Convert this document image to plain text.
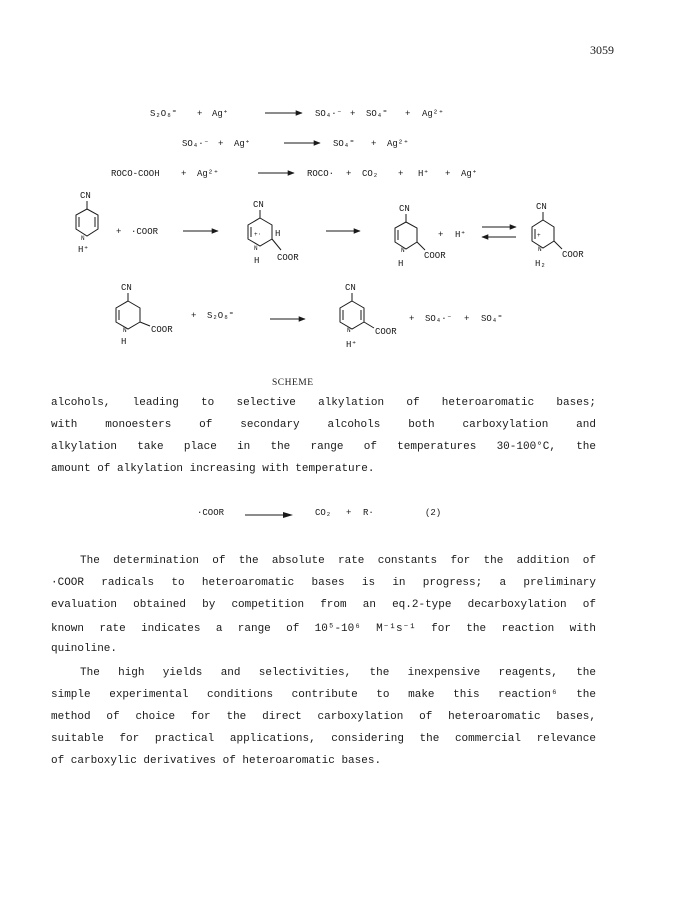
3059
S₂O₈⁼ + Ag⁺	SO₄·⁻ + SO₄⁼ + Ag²⁺
SO₄·⁻ + Ag⁺	SO₄⁼ + Ag²⁺
ROCO-COOH + Ag²⁺	ROCO· + CO₂ + H⁺ + Ag⁺
CN
N
H⁺
+ ·COOR
CN
+· H
N
H COOR
CN
N
H
COOR
+ H⁺
CN
+
N
H₂
COOR
CN
N
H
COOR
+ S₂O₈⁼
CN
N
H⁺
COOR
+ SO₄·⁻ + SO₄⁼
SCHEME
alcohols, leading to selective alkylation of heteroaromatic bases;
with monoesters of secondary alcohols both carboxylation and
alkylation take place in the range of temperatures 30-100°C, the
amount of alkylation increasing with temperature.
·COOR	CO₂ + R·	(2)
The determination of the absolute rate constants for the addition of
·COOR radicals to heteroaromatic bases is in progress; a preliminary
evaluation obtained by competition from an eq.2-type decarboxylation of
known rate indicates a range of 10⁵-10⁶ M⁻¹s⁻¹ for the reaction with
quinoline.
The high yields and selectivities, the inexpensive reagents, the
simple experimental conditions contribute to make this reaction⁶ the
method of choice for the direct carboxylation of heteroaromatic bases,
suitable for practical applications, considering the commercial relevance
of carboxylic derivatives of heteroaromatic bases.
